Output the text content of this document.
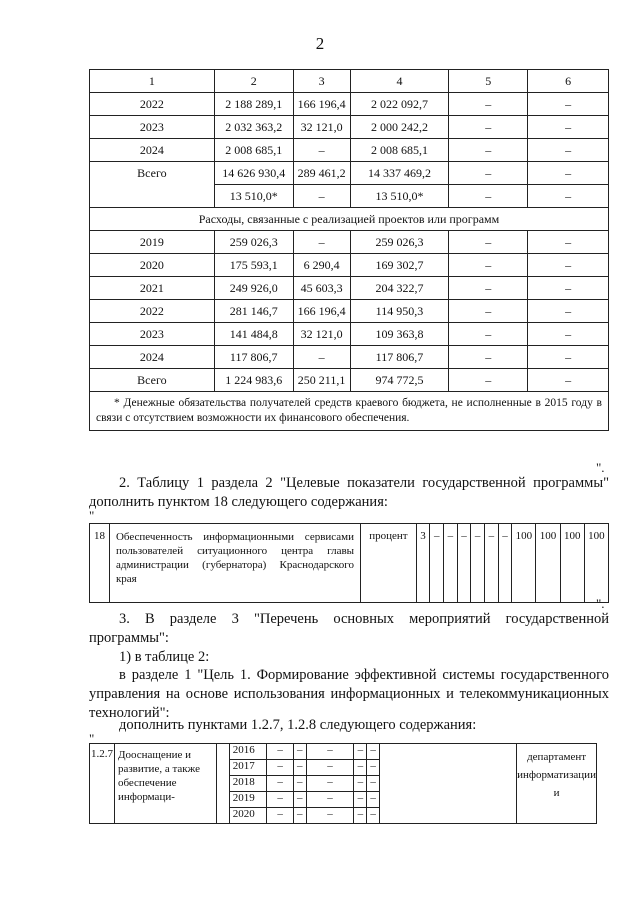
2
1	2	3	4	5	6
2022	2 188 289,1	166 196,4	2 022 092,7	–	–
2023	2 032 363,2	32 121,0	2 000 242,2	–	–
2024	2 008 685,1	–	2 008 685,1	–	–
Всего	14 626 930,4	289 461,2	14 337 469,2	–	–
	13 510,0*	–	13 510,0*	–	–
Расходы, связанные с реализацией проектов или программ					
2019	259 026,3	–	259 026,3	–	–
2020	175 593,1	6 290,4	169 302,7	–	–
2021	249 926,0	45 603,3	204 322,7	–	–
2022	281 146,7	166 196,4	114 950,3	–	–
2023	141 484,8	32 121,0	109 363,8	–	–
2024	117 806,7	–	117 806,7	–	–
Всего	1 224 983,6	250 211,1	974 772,5	–	–
* Денежные обязательства получателей средств краевого бюджета, не исполненные в 2015 году в связи с отсутствием возможности их финансового обеспечения.					
".
2. Таблицу 1 раздела 2 "Целевые показатели государственной программы" дополнить пунктом 18 следующего содержания:
"
18	Обеспеченность информационными сервисами пользователей ситуационного центра главы администрации (губернатора) Краснодарского края	процент	3	–	–	–	–	–	–	100	100	100	100
".
3. В разделе 3 "Перечень основных мероприятий государственной программы":
1) в таблице 2:
в разделе 1 "Цель 1. Формирование эффективной системы государственного управления на основе использования информационных и телекоммуникационных технологий":
дополнить пунктами 1.2.7, 1.2.8 следующего содержания:
"
1.2.7	Дооснащение и развитие, а также обеспечение информаци-		2016	–	–	–	–	–		департамент информатизации и
			2017	–	–	–	–	–		
			2018	–	–	–	–	–		
			2019	–	–	–	–	–		
			2020	–	–	–	–	–		
